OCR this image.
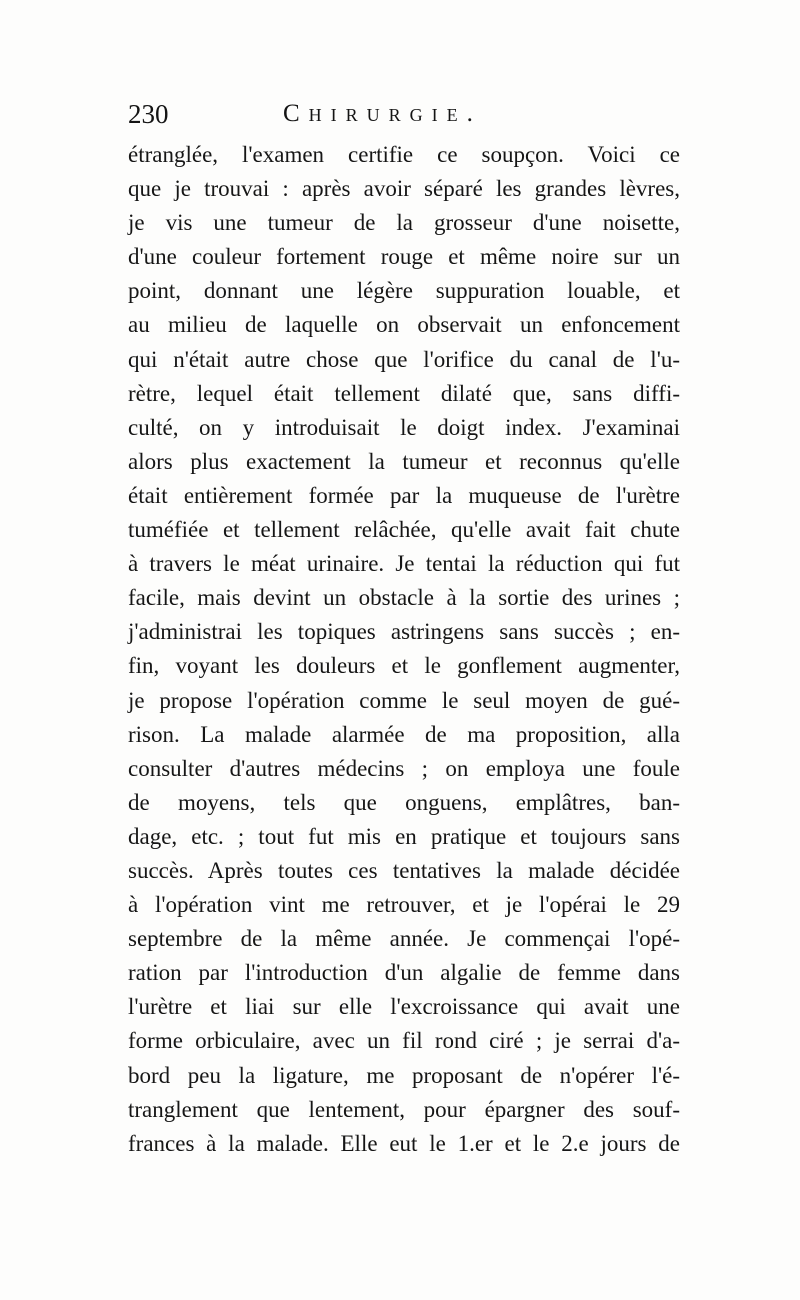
230	Chirurgie.
étranglée, l'examen certifie ce soupçon. Voici ce
que je trouvai : après avoir séparé les grandes lèvres,
je vis une tumeur de la grosseur d'une noisette,
d'une couleur fortement rouge et même noire sur un
point, donnant une légère suppuration louable, et
au milieu de laquelle on observait un enfoncement
qui n'était autre chose que l'orifice du canal de l'u-
rètre, lequel était tellement dilaté que, sans diffi-
culté, on y introduisait le doigt index. J'examinai
alors plus exactement la tumeur et reconnus qu'elle
était entièrement formée par la muqueuse de l'urètre
tuméfiée et tellement relâchée, qu'elle avait fait chute
à travers le méat urinaire. Je tentai la réduction qui fut
facile, mais devint un obstacle à la sortie des urines ;
j'administrai les topiques astringens sans succès ; en-
fin, voyant les douleurs et le gonflement augmenter,
je propose l'opération comme le seul moyen de gué-
rison. La malade alarmée de ma proposition, alla
consulter d'autres médecins ; on employa une foule
de moyens, tels que onguens, emplâtres, ban-
dage, etc. ; tout fut mis en pratique et toujours sans
succès. Après toutes ces tentatives la malade décidée
à l'opération vint me retrouver, et je l'opérai le 29
septembre de la même année. Je commençai l'opé-
ration par l'introduction d'un algalie de femme dans
l'urètre et liai sur elle l'excroissance qui avait une
forme orbiculaire, avec un fil rond ciré ; je serrai d'a-
bord peu la ligature, me proposant de n'opérer l'é-
tranglement que lentement, pour épargner des souf-
frances à la malade. Elle eut le 1.er et le 2.e jours de
